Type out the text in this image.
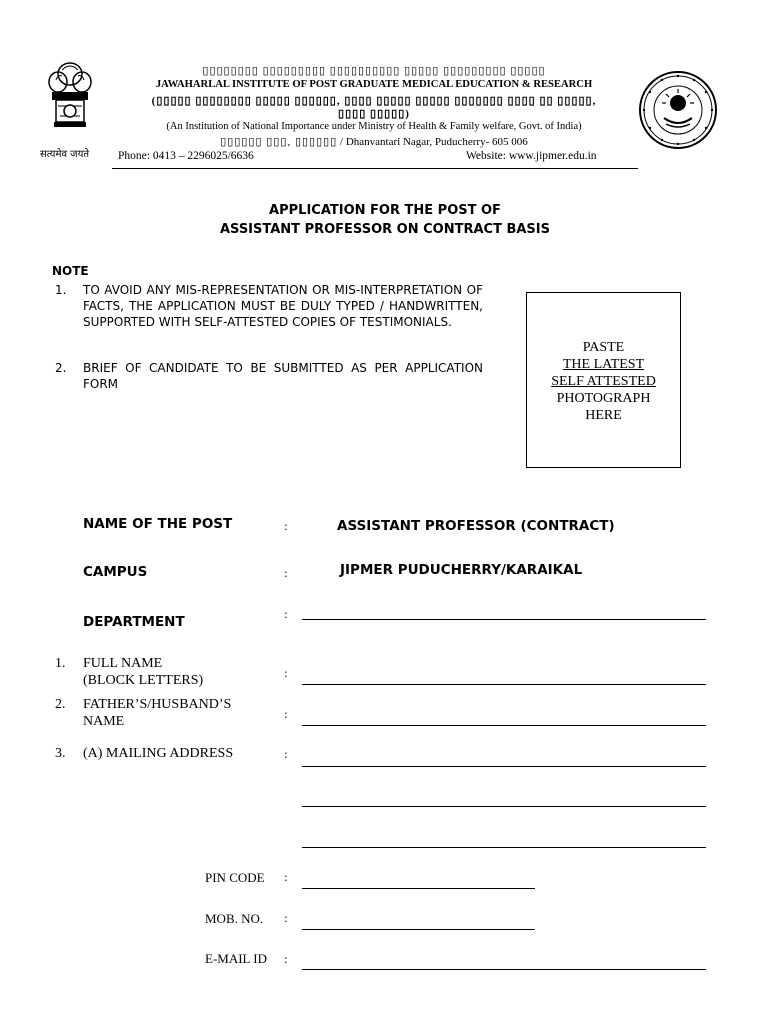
सत्यमेव जयते
▯▯▯▯▯▯▯▯ ▯▯▯▯▯▯▯▯▯ ▯▯▯▯▯▯▯▯▯▯ ▯▯▯▯▯ ▯▯▯▯▯▯▯▯▯ ▯▯▯▯▯
JAWAHARLAL INSTITUTE OF POST GRADUATE MEDICAL EDUCATION & RESEARCH
(▯▯▯▯▯ ▯▯▯▯▯▯▯▯ ▯▯▯▯▯ ▯▯▯▯▯▯, ▯▯▯▯ ▯▯▯▯▯ ▯▯▯▯▯ ▯▯▯▯▯▯▯ ▯▯▯▯ ▯▯ ▯▯▯▯▯,
▯▯▯▯ ▯▯▯▯▯)
(An Institution of National Importance under Ministry of Health & Family welfare, Govt. of India)
▯▯▯▯▯▯ ▯▯▯, ▯▯▯▯▯▯ / Dhanvantari Nagar, Puducherry- 605 006
Phone: 0413 – 2296025/6636	Website: www.jipmer.edu.in
APPLICATION FOR THE POST OF
ASSISTANT PROFESSOR ON CONTRACT BASIS
NOTE
1. TO AVOID ANY MIS-REPRESENTATION OR MIS-INTERPRETATION OF FACTS, THE APPLICATION MUST BE DULY TYPED / HANDWRITTEN, SUPPORTED WITH SELF-ATTESTED COPIES OF TESTIMONIALS.
2. BRIEF OF CANDIDATE TO BE SUBMITTED AS PER APPLICATION FORM
PASTE
THE LATEST
SELF ATTESTED
PHOTOGRAPH
HERE
NAME OF THE POST	:	ASSISTANT PROFESSOR (CONTRACT)
CAMPUS	:	JIPMER PUDUCHERRY/KARAIKAL
DEPARTMENT	:
1. FULL NAME
(BLOCK LETTERS)	:
2. FATHER’S/HUSBAND’S
NAME	:
3. (A) MAILING ADDRESS	:
PIN CODE :
MOB. NO. :
E-MAIL ID :
